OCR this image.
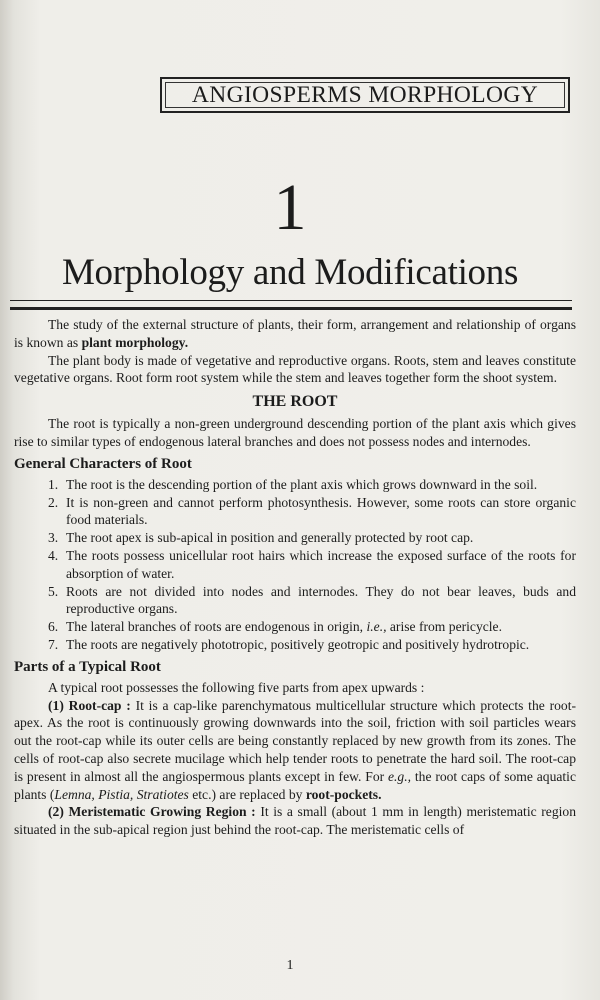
ANGIOSPERMS MORPHOLOGY
1
Morphology and Modifications

The study of the external structure of plants, their form, arrangement and relationship of organs is known as plant morphology.

The plant body is made of vegetative and reproductive organs. Roots, stem and leaves constitute vegetative organs. Root form root system while the stem and leaves together form the shoot system.

THE ROOT

The root is typically a non-green underground descending portion of the plant axis which gives rise to similar types of endogenous lateral branches and does not possess nodes and internodes.

General Characters of Root
1. The root is the descending portion of the plant axis which grows downward in the soil.
2. It is non-green and cannot perform photosynthesis. However, some roots can store organic food materials.
3. The root apex is sub-apical in position and generally protected by root cap.
4. The roots possess unicellular root hairs which increase the exposed surface of the roots for absorption of water.
5. Roots are not divided into nodes and internodes. They do not bear leaves, buds and reproductive organs.
6. The lateral branches of roots are endogenous in origin, i.e., arise from pericycle.
7. The roots are negatively phototropic, positively geotropic and positively hydrotropic.
Parts of a Typical Root

A typical root possesses the following five parts from apex upwards :

(1) Root-cap : It is a cap-like parenchymatous multicellular structure which protects the root-apex. As the root is continuously growing downwards into the soil, friction with soil particles wears out the root-cap while its outer cells are being constantly replaced by new growth from its zones. The cells of root-cap also secrete mucilage which help tender roots to penetrate the hard soil. The root-cap is present in almost all the angiospermous plants except in few. For e.g., the root caps of some aquatic plants (Lemna, Pistia, Stratiotes etc.) are replaced by root-pockets.

(2) Meristematic Growing Region : It is a small (about 1 mm in length) meristematic region situated in the sub-apical region just behind the root-cap. The meristematic cells of

1
